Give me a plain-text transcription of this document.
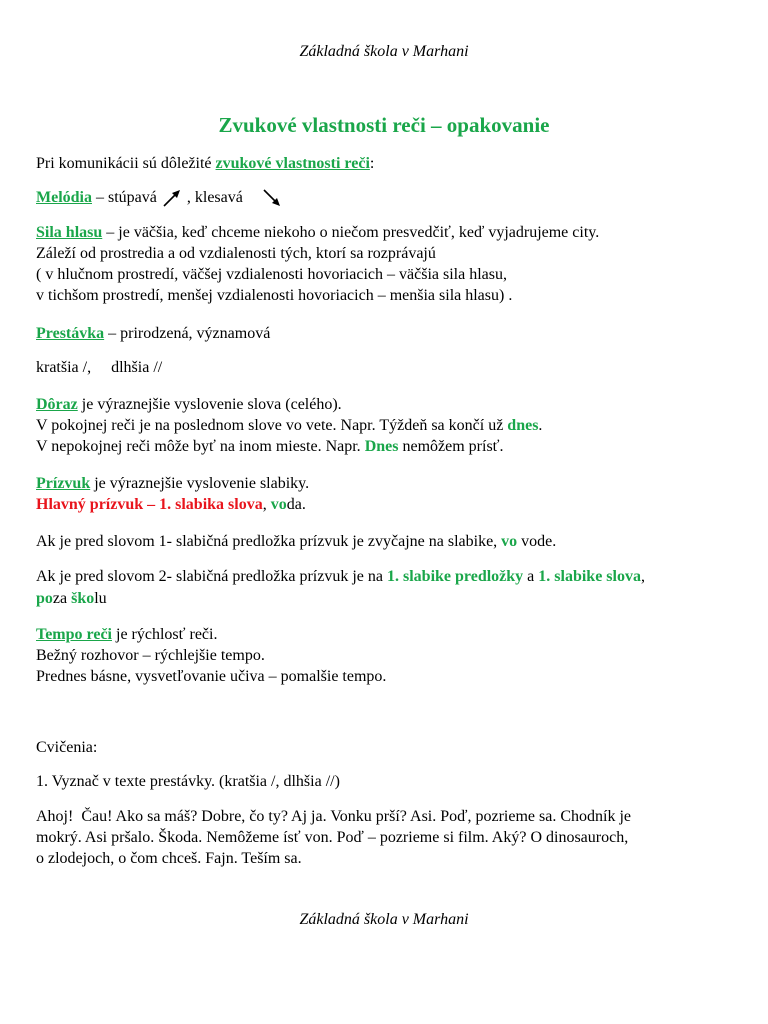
Základná škola v Marhani
Zvukové vlastnosti reči – opakovanie
Pri komunikácii sú dôležité zvukové vlastnosti reči:
Melódia – stúpavá  , klesavá
Sila hlasu – je väčšia, keď chceme niekoho o niečom presvedčiť, keď vyjadrujeme city.
Záleží od prostredia a od vzdialenosti tých, ktorí sa rozprávajú
( v hlučnom prostredí, väčšej vzdialenosti hovoriacich – väčšia sila hlasu,
v tichšom prostredí, menšej vzdialenosti hovoriacich – menšia sila hlasu) .
Prestávka – prirodzená, významová
kratšia /,     dlhšia //
Dôraz je výraznejšie vyslovenie slova (celého).
V pokojnej reči je na poslednom slove vo vete. Napr. Týždeň sa končí už dnes.
V nepokojnej reči môže byť na inom mieste. Napr. Dnes nemôžem prísť.
Prízvuk je výraznejšie vyslovenie slabiky.
Hlavný prízvuk – 1. slabika slova, voda.
Ak je pred slovom 1- slabičná predložka prízvuk je zvyčajne na slabike, vo vode.
Ak je pred slovom 2- slabičná predložka prízvuk je na 1. slabike predložky a 1. slabike slova,
poza školu
Tempo reči je rýchlosť reči.
Bežný rozhovor – rýchlejšie tempo.
Prednes básne, vysvetľovanie učiva – pomalšie tempo.
Cvičenia:
1. Vyznač v texte prestávky. (kratšia /, dlhšia //)
Ahoj!  Čau! Ako sa máš? Dobre, čo ty? Aj ja. Vonku prší? Asi. Poď, pozrieme sa. Chodník je
mokrý. Asi pršalo. Škoda. Nemôžeme ísť von. Poď – pozrieme si film. Aký? O dinosauroch,
o zlodejoch, o čom chceš. Fajn. Teším sa.
Základná škola v Marhani
